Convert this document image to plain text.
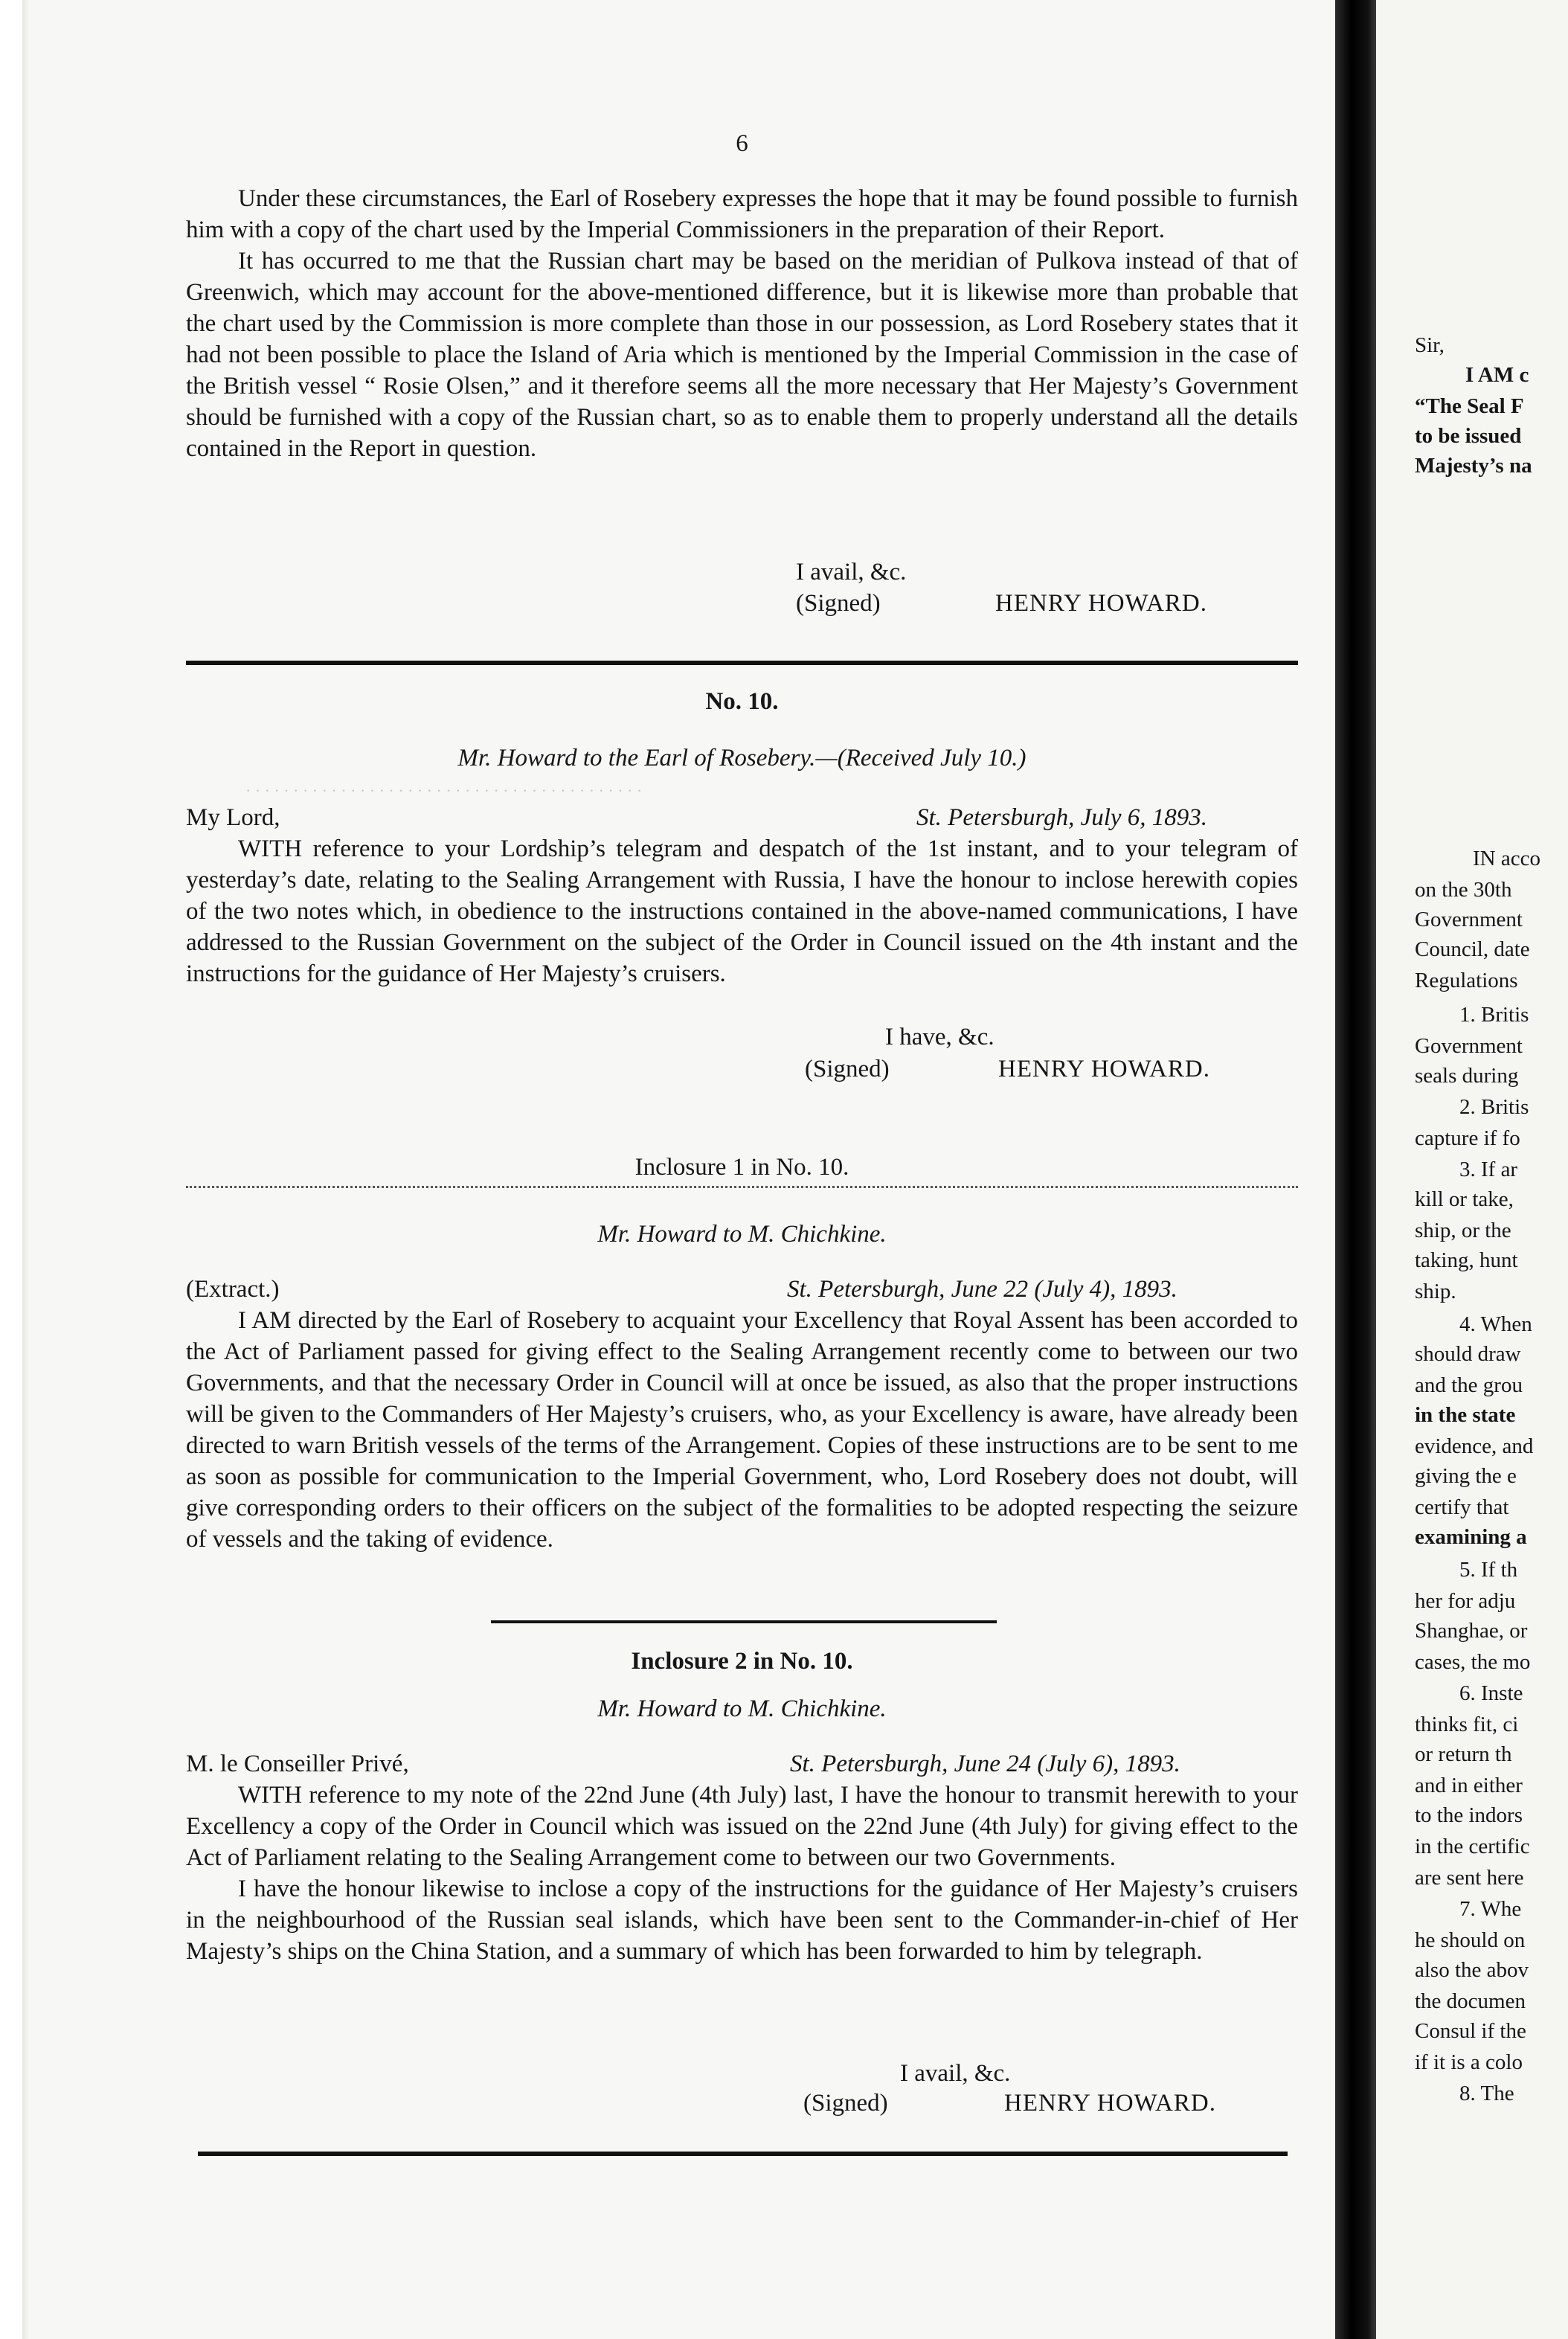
· · · · · · · · · · · · · · · · · · · · · · · · · · · · · · · · · · · · · · · · · ·
6

Under these circumstances, the Earl of Rosebery expresses the hope that it may be found possible to furnish him with a copy of the chart used by the Imperial Commissioners in the preparation of their Report.

It has occurred to me that the Russian chart may be based on the meridian of Pulkova instead of that of Greenwich, which may account for the above-mentioned difference, but it is likewise more than probable that the chart used by the Commission is more complete than those in our possession, as Lord Rosebery states that it had not been possible to place the Island of Aria which is mentioned by the Imperial Commission in the case of the British vessel “ Rosie Olsen,” and it therefore seems all the more necessary that Her Majesty’s Government should be furnished with a copy of the Russian chart, so as to enable them to properly understand all the details contained in the Report in question.

I avail, &c.
(Signed)	HENRY HOWARD.
No. 10.
Mr. Howard to the Earl of Rosebery.—(Received July 10.)
My Lord,	St. Petersburgh, July 6, 1893.

WITH reference to your Lordship’s telegram and despatch of the 1st instant, and to your telegram of yesterday’s date, relating to the Sealing Arrangement with Russia, I have the honour to inclose herewith copies of the two notes which, in obedience to the instructions contained in the above-named communications, I have addressed to the Russian Government on the subject of the Order in Council issued on the 4th instant and the instructions for the guidance of Her Majesty’s cruisers.

I have, &c.
(Signed)	HENRY HOWARD.
Inclosure 1 in No. 10.
Mr. Howard to M. Chichkine.
(Extract.)	St. Petersburgh, June 22 (July 4), 1893.

I AM directed by the Earl of Rosebery to acquaint your Excellency that Royal Assent has been accorded to the Act of Parliament passed for giving effect to the Sealing Arrangement recently come to between our two Governments, and that the necessary Order in Council will at once be issued, as also that the proper instructions will be given to the Commanders of Her Majesty’s cruisers, who, as your Excellency is aware, have already been directed to warn British vessels of the terms of the Arrangement. Copies of these instructions are to be sent to me as soon as possible for communication to the Imperial Government, who, Lord Rosebery does not doubt, will give corresponding orders to their officers on the subject of the formalities to be adopted respecting the seizure of vessels and the taking of evidence.

Inclosure 2 in No. 10.
Mr. Howard to M. Chichkine.
M. le Conseiller Privé,	St. Petersburgh, June 24 (July 6), 1893.

WITH reference to my note of the 22nd June (4th July) last, I have the honour to transmit herewith to your Excellency a copy of the Order in Council which was issued on the 22nd June (4th July) for giving effect to the Act of Parliament relating to the Sealing Arrangement come to between our two Governments.

I have the honour likewise to inclose a copy of the instructions for the guidance of Her Majesty’s cruisers in the neighbourhood of the Russian seal islands, which have been sent to the Commander-in-chief of Her Majesty’s ships on the China Station, and a summary of which has been forwarded to him by telegraph.

I avail, &c.
(Signed)	HENRY HOWARD.
Sir,
I AM c
“The Seal F
to be issued
Majesty’s na
IN acco
on the 30th
Government
Council, date
Regulations
1. Britis
Government
seals during
2. Britis
capture if fo
3. If ar
kill or take,
ship, or the
taking, hunt
ship.
4. When
should draw
and the grou
in the state
evidence, and
giving the e
certify that
examining a
5. If th
her for adju
Shanghae, or
cases, the mo
6. Inste
thinks fit, ci
or return th
and in either
to the indors
in the certific
are sent here
7. Whe
he should on
also the abov
the documen
Consul if the
if it is a colo
8. The
